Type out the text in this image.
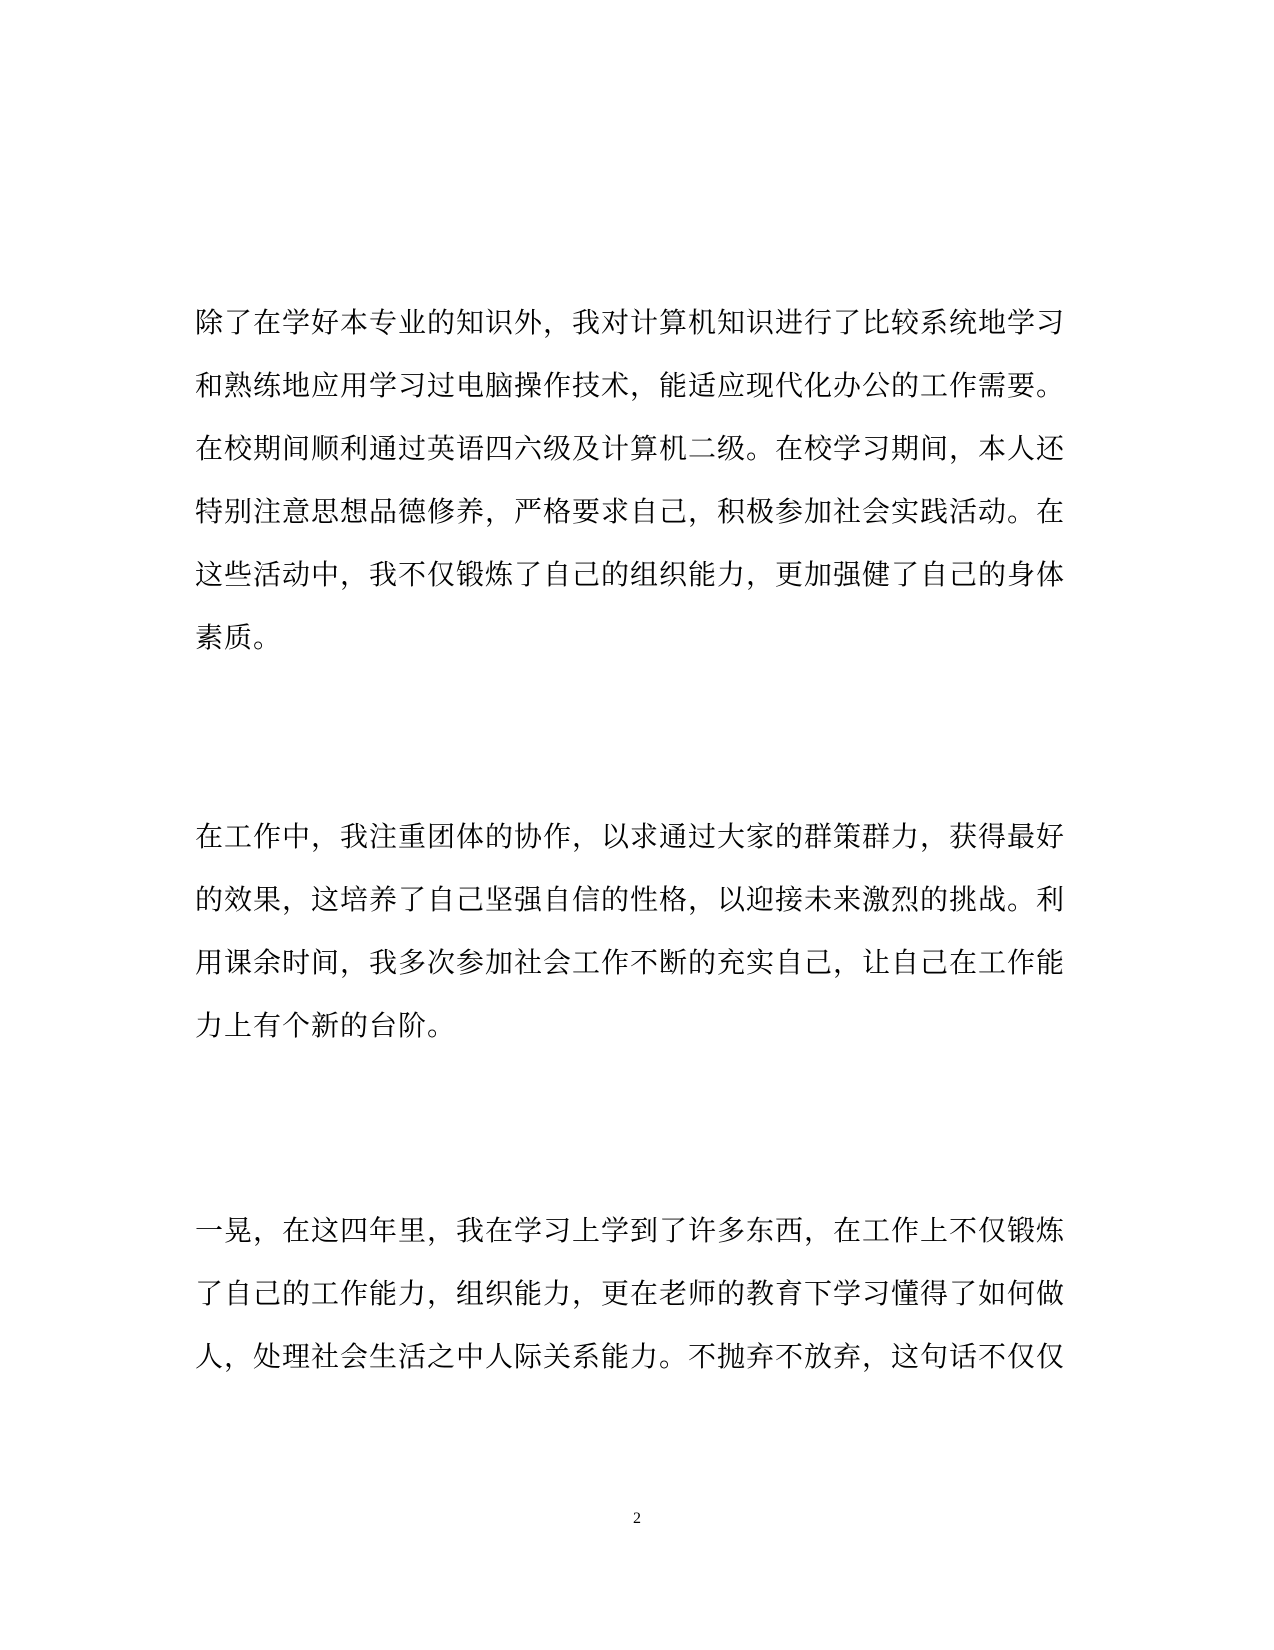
除了在学好本专业的知识外，我对计算机知识进行了比较系统地学习
和熟练地应用学习过电脑操作技术，能适应现代化办公的工作需要。
在校期间顺利通过英语四六级及计算机二级。在校学习期间，本人还
特别注意思想品德修养，严格要求自己，积极参加社会实践活动。在
这些活动中，我不仅锻炼了自己的组织能力，更加强健了自己的身体
素质。
在工作中，我注重团体的协作，以求通过大家的群策群力，获得最好
的效果，这培养了自己坚强自信的性格，以迎接未来激烈的挑战。利
用课余时间，我多次参加社会工作不断的充实自己，让自己在工作能
力上有个新的台阶。
一晃，在这四年里，我在学习上学到了许多东西，在工作上不仅锻炼
了自己的工作能力，组织能力，更在老师的教育下学习懂得了如何做
人，处理社会生活之中人际关系能力。不抛弃不放弃，这句话不仅仅
2
